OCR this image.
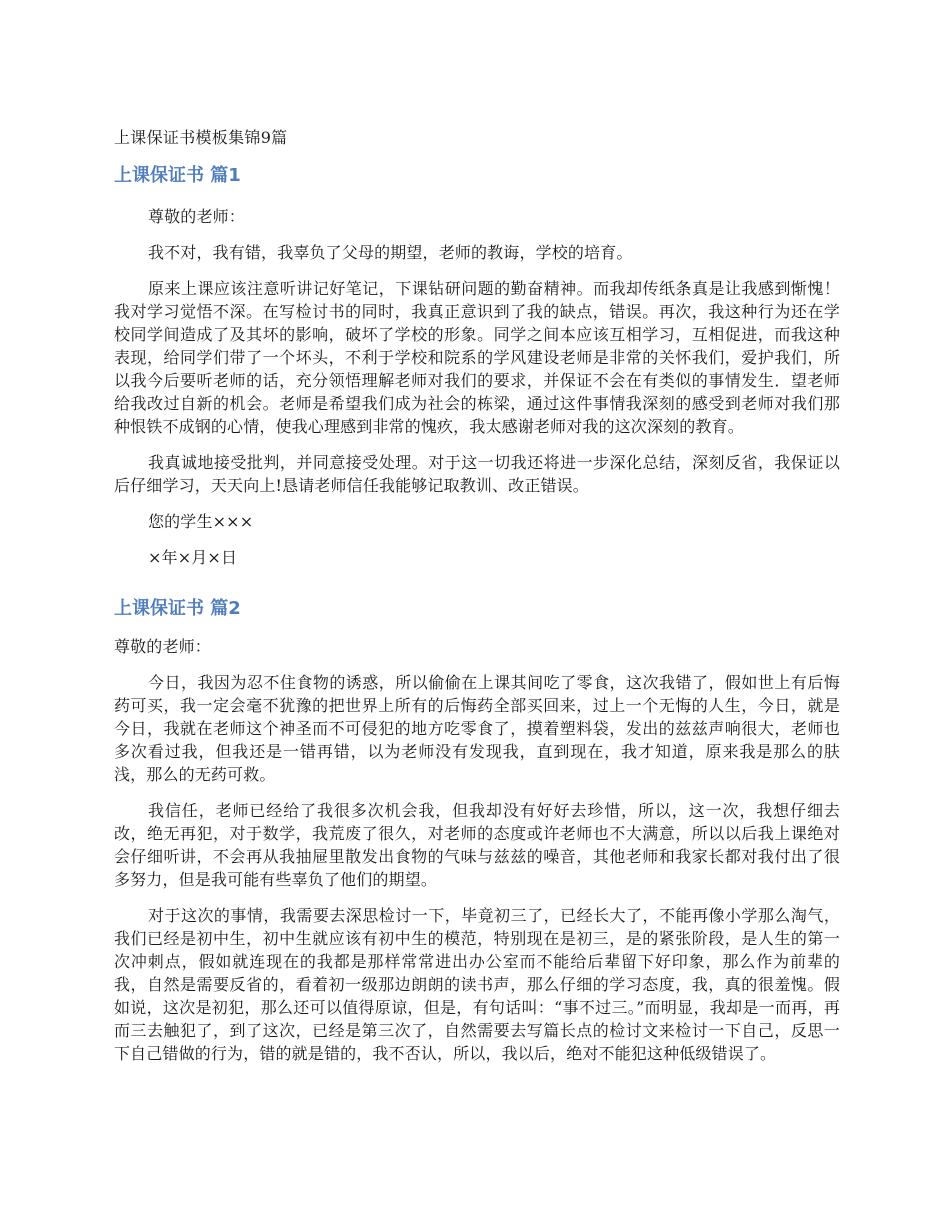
上课保证书模板集锦9篇

上课保证书 篇1

尊敬的老师：

我不对，我有错，我辜负了父母的期望，老师的教诲，学校的培育。

原来上课应该注意听讲记好笔记，下课钻研问题的勤奋精神。而我却传纸条真是让我感到惭愧！我对学习觉悟不深。在写检讨书的同时，我真正意识到了我的缺点，错误。再次，我这种行为还在学校同学间造成了及其坏的影响，破坏了学校的形象。同学之间本应该互相学习，互相促进，而我这种表现，给同学们带了一个坏头，不利于学校和院系的学风建设老师是非常的关怀我们，爱护我们，所以我今后要听老师的话，充分领悟理解老师对我们的要求，并保证不会在有类似的事情发生．望老师给我改过自新的机会。老师是希望我们成为社会的栋梁，通过这件事情我深刻的感受到老师对我们那种恨铁不成钢的心情，使我心理感到非常的愧疚，我太感谢老师对我的这次深刻的教育。

我真诚地接受批判，并同意接受处理。对于这一切我还将进一步深化总结，深刻反省，我保证以后仔细学习，天天向上!恳请老师信任我能够记取教训、改正错误。

您的学生×××

×年×月×日

上课保证书 篇2

尊敬的老师：

今日，我因为忍不住食物的诱惑，所以偷偷在上课其间吃了零食，这次我错了，假如世上有后悔药可买，我一定会毫不犹豫的把世界上所有的后悔药全部买回来，过上一个无悔的人生，今日，就是今日，我就在老师这个神圣而不可侵犯的地方吃零食了，摸着塑料袋，发出的兹兹声响很大，老师也多次看过我，但我还是一错再错，以为老师没有发现我，直到现在，我才知道，原来我是那么的肤浅，那么的无药可救。

我信任，老师已经给了我很多次机会我，但我却没有好好去珍惜，所以，这一次，我想仔细去改，绝无再犯，对于数学，我荒废了很久，对老师的态度或许老师也不大满意，所以以后我上课绝对会仔细听讲，不会再从我抽屉里散发出食物的气味与兹兹的噪音，其他老师和我家长都对我付出了很多努力，但是我可能有些辜负了他们的期望。

对于这次的事情，我需要去深思检讨一下，毕竟初三了，已经长大了，不能再像小学那么淘气，我们已经是初中生，初中生就应该有初中生的模范，特别现在是初三，是的紧张阶段，是人生的第一次冲刺点，假如就连现在的我都是那样常常进出办公室而不能给后辈留下好印象，那么作为前辈的我，自然是需要反省的，看着初一级那边朗朗的读书声，那么仔细的学习态度，我，真的很羞愧。假如说，这次是初犯，那么还可以值得原谅，但是，有句话叫：“事不过三。”而明显，我却是一而再，再而三去触犯了，到了这次，已经是第三次了，自然需要去写篇长点的检讨文来检讨一下自己，反思一下自己错做的行为，错的就是错的，我不否认，所以，我以后，绝对不能犯这种低级错误了。
